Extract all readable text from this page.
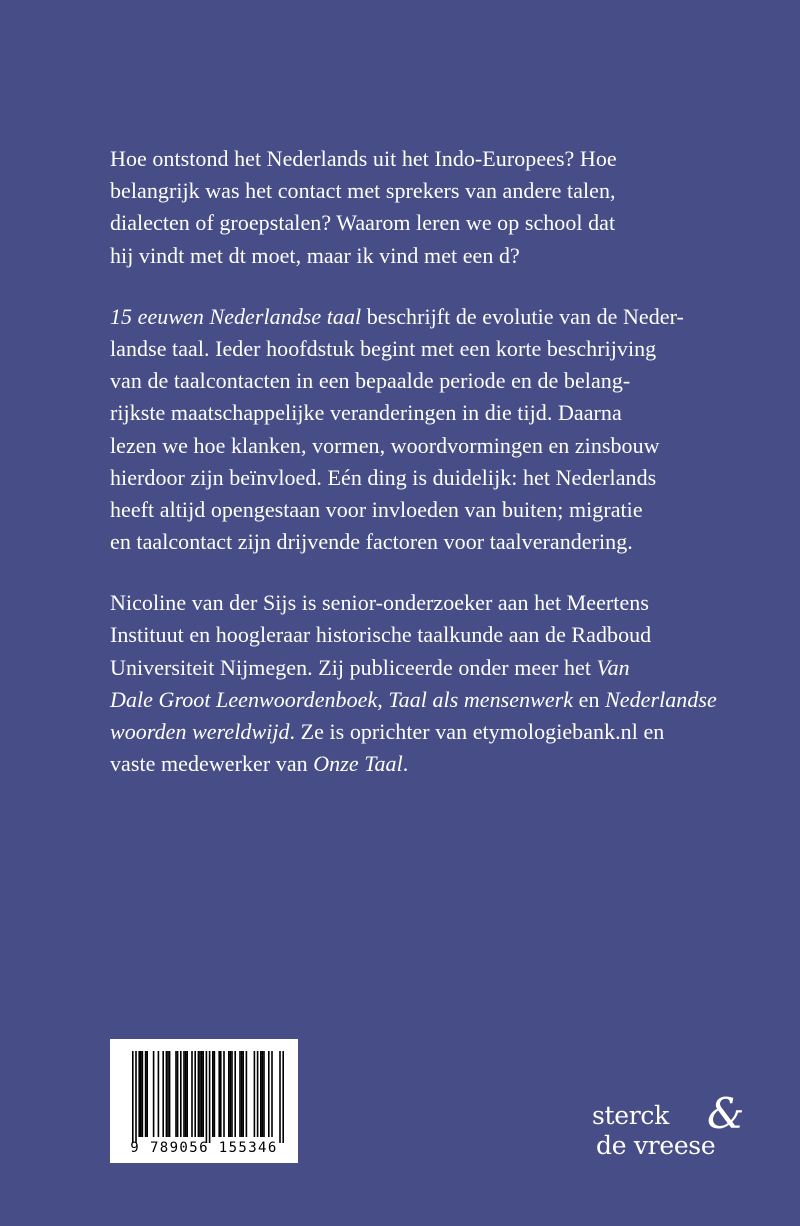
Hoe ontstond het Nederlands uit het Indo-Europees? Hoe
belangrijk was het contact met sprekers van andere talen,
dialecten of groepstalen? Waarom leren we op school dat
hij vindt met dt moet, maar ik vind met een d?
15 eeuwen Nederlandse taal beschrijft de evolutie van de Neder-
landse taal. Ieder hoofdstuk begint met een korte beschrijving
van de taalcontacten in een bepaalde periode en de belang-
rijkste maatschappelijke veranderingen in die tijd. Daarna
lezen we hoe klanken, vormen, woordvormingen en zinsbouw
hierdoor zijn beïnvloed. Eén ding is duidelijk: het Nederlands
heeft altijd opengestaan voor invloeden van buiten; migratie
en taalcontact zijn drijvende factoren voor taalverandering.
Nicoline van der Sijs is senior-onderzoeker aan het Meertens
Instituut en hoogleraar historische taalkunde aan de Radboud
Universiteit Nijmegen. Zij publiceerde onder meer het Van
Dale Groot Leenwoordenboek, Taal als mensenwerk en Nederlandse
woorden wereldwijd. Ze is oprichter van etymologiebank.nl en
vaste medewerker van Onze Taal.
9 789056 155346
sterck &
de vreese
